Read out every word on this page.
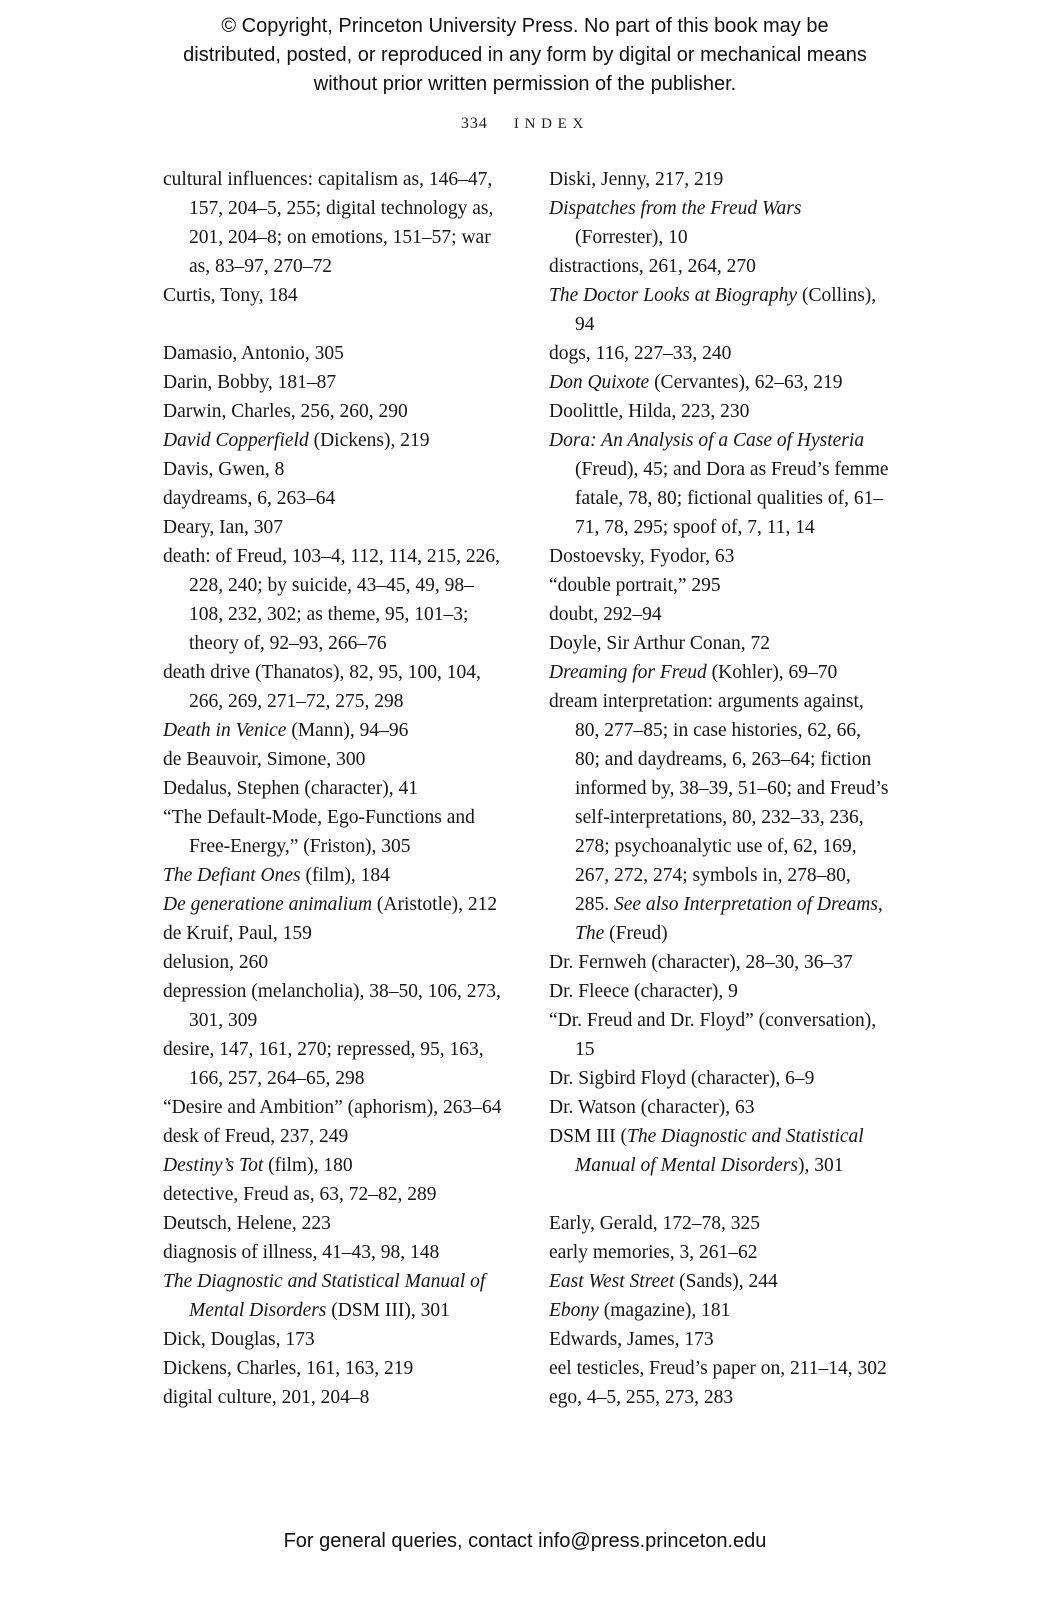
© Copyright, Princeton University Press. No part of this book may be distributed, posted, or reproduced in any form by digital or mechanical means without prior written permission of the publisher.
334 INDEX
cultural influences: capitalism as, 146–47, 157, 204–5, 255; digital technology as, 201, 204–8; on emotions, 151–57; war as, 83–97, 270–72
Curtis, Tony, 184
Damasio, Antonio, 305
Darin, Bobby, 181–87
Darwin, Charles, 256, 260, 290
David Copperfield (Dickens), 219
Davis, Gwen, 8
daydreams, 6, 263–64
Deary, Ian, 307
death: of Freud, 103–4, 112, 114, 215, 226, 228, 240; by suicide, 43–45, 49, 98–108, 232, 302; as theme, 95, 101–3; theory of, 92–93, 266–76
death drive (Thanatos), 82, 95, 100, 104, 266, 269, 271–72, 275, 298
Death in Venice (Mann), 94–96
de Beauvoir, Simone, 300
Dedalus, Stephen (character), 41
“The Default-Mode, Ego-Functions and Free-Energy,” (Friston), 305
The Defiant Ones (film), 184
De generatione animalium (Aristotle), 212
de Kruif, Paul, 159
delusion, 260
depression (melancholia), 38–50, 106, 273, 301, 309
desire, 147, 161, 270; repressed, 95, 163, 166, 257, 264–65, 298
“Desire and Ambition” (aphorism), 263–64
desk of Freud, 237, 249
Destiny’s Tot (film), 180
detective, Freud as, 63, 72–82, 289
Deutsch, Helene, 223
diagnosis of illness, 41–43, 98, 148
The Diagnostic and Statistical Manual of Mental Disorders (DSM III), 301
Dick, Douglas, 173
Dickens, Charles, 161, 163, 219
digital culture, 201, 204–8
Diski, Jenny, 217, 219
Dispatches from the Freud Wars (Forrester), 10
distractions, 261, 264, 270
The Doctor Looks at Biography (Collins), 94
dogs, 116, 227–33, 240
Don Quixote (Cervantes), 62–63, 219
Doolittle, Hilda, 223, 230
Dora: An Analysis of a Case of Hysteria (Freud), 45; and Dora as Freud’s femme fatale, 78, 80; fictional qualities of, 61–71, 78, 295; spoof of, 7, 11, 14
Dostoevsky, Fyodor, 63
“double portrait,” 295
doubt, 292–94
Doyle, Sir Arthur Conan, 72
Dreaming for Freud (Kohler), 69–70
dream interpretation: arguments against, 80, 277–85; in case histories, 62, 66, 80; and daydreams, 6, 263–64; fiction informed by, 38–39, 51–60; and Freud’s self-interpretations, 80, 232–33, 236, 278; psychoanalytic use of, 62, 169, 267, 272, 274; symbols in, 278–80, 285. See also Interpretation of Dreams, The (Freud)
Dr. Fernweh (character), 28–30, 36–37
Dr. Fleece (character), 9
“Dr. Freud and Dr. Floyd” (conversation), 15
Dr. Sigbird Floyd (character), 6–9
Dr. Watson (character), 63
DSM III (The Diagnostic and Statistical Manual of Mental Disorders), 301
Early, Gerald, 172–78, 325
early memories, 3, 261–62
East West Street (Sands), 244
Ebony (magazine), 181
Edwards, James, 173
eel testicles, Freud’s paper on, 211–14, 302
ego, 4–5, 255, 273, 283
For general queries, contact info@press.princeton.edu
